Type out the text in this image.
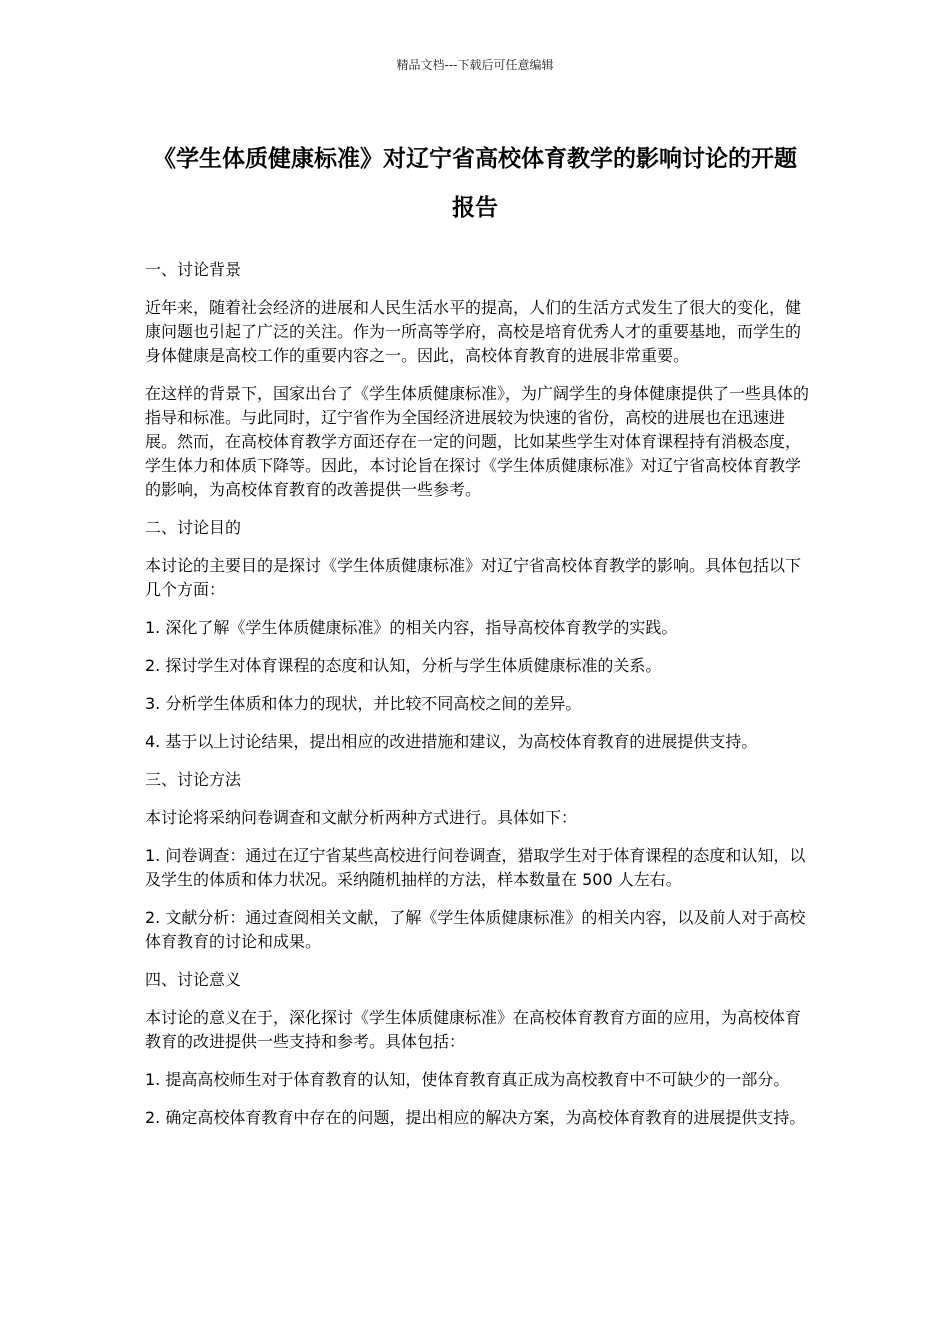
精品文档---下载后可任意编辑
《学生体质健康标准》对辽宁省高校体育教学的影响讨论的开题报告

一、讨论背景

近年来，随着社会经济的进展和人民生活水平的提高，人们的生活方式发生了很大的变化，健康问题也引起了广泛的关注。作为一所高等学府，高校是培育优秀人才的重要基地，而学生的身体健康是高校工作的重要内容之一。因此，高校体育教育的进展非常重要。

在这样的背景下，国家出台了《学生体质健康标准》，为广阔学生的身体健康提供了一些具体的指导和标准。与此同时，辽宁省作为全国经济进展较为快速的省份，高校的进展也在迅速进展。然而，在高校体育教学方面还存在一定的问题，比如某些学生对体育课程持有消极态度，学生体力和体质下降等。因此，本讨论旨在探讨《学生体质健康标准》对辽宁省高校体育教学的影响，为高校体育教育的改善提供一些参考。

二、讨论目的

本讨论的主要目的是探讨《学生体质健康标准》对辽宁省高校体育教学的影响。具体包括以下几个方面：

1. 深化了解《学生体质健康标准》的相关内容，指导高校体育教学的实践。

2. 探讨学生对体育课程的态度和认知，分析与学生体质健康标准的关系。

3. 分析学生体质和体力的现状，并比较不同高校之间的差异。

4. 基于以上讨论结果，提出相应的改进措施和建议，为高校体育教育的进展提供支持。

三、讨论方法

本讨论将采纳问卷调查和文献分析两种方式进行。具体如下：

1. 问卷调查：通过在辽宁省某些高校进行问卷调查，猎取学生对于体育课程的态度和认知，以及学生的体质和体力状况。采纳随机抽样的方法，样本数量在 500 人左右。

2. 文献分析：通过查阅相关文献，了解《学生体质健康标准》的相关内容，以及前人对于高校体育教育的讨论和成果。

四、讨论意义

本讨论的意义在于，深化探讨《学生体质健康标准》在高校体育教育方面的应用，为高校体育教育的改进提供一些支持和参考。具体包括：

1. 提高高校师生对于体育教育的认知，使体育教育真正成为高校教育中不可缺少的一部分。

2. 确定高校体育教育中存在的问题，提出相应的解决方案，为高校体育教育的进展提供支持。
